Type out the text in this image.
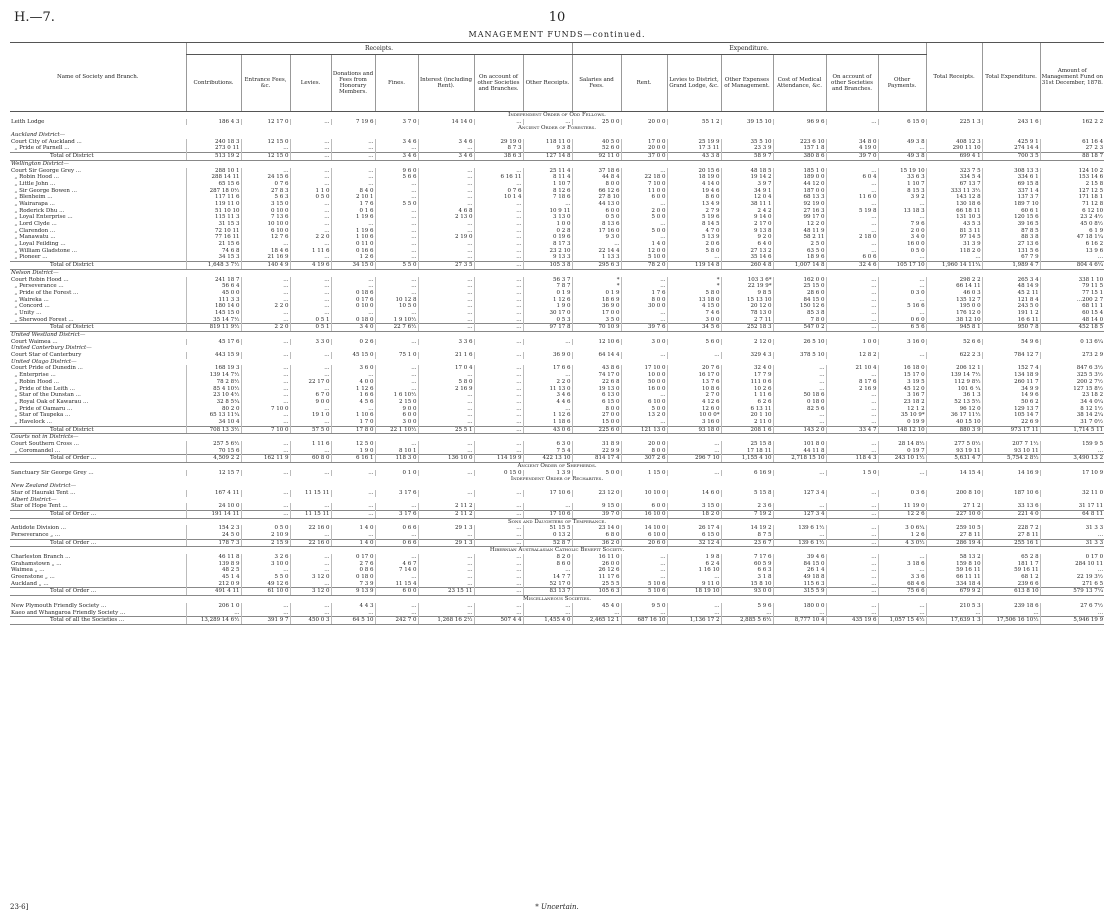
H.—7.	10
MANAGEMENT FUNDS—continued.
Name of Society and Branch.	Receipts.								Expenditure.							Total Receipts.	Total Expenditure.	Amount of Management Fund on 31st December, 1878.
	Contributions.	Entrance Fees, &c.	Levies.	Donations and Fees from Honorary Members.	Fines.	Interest (including Rent).	On account of other Societies and Branches.	Other Receipts.	Salaries and Fees.	Rent.	Levies to District, Grand Lodge, &c.	Other Expenses of Management.	Cost of Medical Attendance, &c.	On account of other Societies and Branches.	Other Payments.			
Independent Order of Odd Fellows.																		
Leith Lodge	186 4 3	12 17 0	...	7 19 6	3 7 0	14 14 0	...	...	25 0 0	20 0 0	55 1 2	39 15 10	96 9 6	...	6 15 0	225 1 3	243 1 6	162 2 2
Ancient Order of Foresters.																		
Auckland District—																		
Court City of Auckland ...	240 18 3	12 15 0	...	...	3 4 6	3 4 6	29 19 0	118 11 0	40 5 0	17 0 0	25 19 9	35 5 10	223 6 10	34 8 0	49 3 8	408 12 3	425 9 1	61 16 4
„ Pride of Parnell ...	273 0 11	...	...	...	...	...	8 7 3	9 3 8	52 6 0	20 0 0	17 3 11	23 3 9	157 1 8	4 19 0	...	290 11 10	274 14 4	27 2 3
Total of District	513 19 2	12 15 0	...	...	3 4 6	3 4 6	38 6 3	127 14 8	92 11 0	37 0 0	43 3 8	58 9 7	380 8 6	39 7 0	49 3 8	699 4 1	700 3 5	88 18 7
Wellington District—																		
Court Sir George Grey ...	288 10 1	...	...	...	9 6 0	...	...	25 11 4	37 18 6	...	20 15 6	48 18 5	185 1 0	...	15 19 10	323 7 5	308 13 3	124 10 2
„ Robin Hood ...	288 14 11	24 15 6	...	...	5 6 6	...	6 16 11	8 11 4	44 8 4	22 18 0	18 19 0	19 14 2	189 0 0	6 0 4	33 6 3	334 5 4	334 6 1	153 14 6
„ Little John ...	65 15 6	0 7 6	...	...	...	...	...	1 10 7	8 0 0	7 10 0	4 14 0	3 9 7	44 12 0	...	1 10 7	67 13 7	69 15 8	2 15 8
„ Sir George Bowen ...	287 18 0½	27 8 3	1 1 0	8 4 0	...	...	0 7 6	8 12 6	66 12 6	11 0 0	19 4 6	34 9 1	187 0 0	...	8 15 3	333 11 3½	337 1 4	127 12 5
„ Blenheim ...	117 11 6	5 6 3	0 5 0	2 10 1	...	...	10 1 4	7 18 6	27 8 10	6 0 0	8 6 0	12 0 4	68 13 3	11 6 0	3 9 2	143 12 8	137 3 7	171 18 1
„ Wairarapa ...	119 11 0	3 15 0	...	1 7 6	5 5 0	...	...	...	44 13 0	...	13 4 9	38 11 1	92 19 0	...	...	130 18 6	189 7 10	71 12 8
„ Roderick Dhu ...	51 10 10	0 10 0	...	0 1 6	...	4 6 8	...	10 9 11	6 0 0	2 0 0	2 7 9	2 4 2	27 16 3	5 19 8	13 18 3	66 18 11	60 6 1	6 12 10
„ Loyal Enterprise ...	115 11 3	7 13 6	...	1 19 6	...	2 13 0	...	3 13 0	0 5 0	5 0 0	5 19 6	9 14 0	99 17 0	...	...	131 10 3	120 15 6	23 2 4½
„ Lord Clyde ...	31 15 3	10 10 0	...	...	...	...	...	1 0 0	8 13 6	...	8 14 5	2 17 0	12 2 0	...	7 9 6	43 5 3	39 16 5	45 0 8½
„ Clarendon ...	72 10 11	6 10 0	...	1 19 6	...	...	...	0 2 8	17 16 0	5 0 0	4 7 0	9 13 8	48 11 9	...	2 0 0	81 3 11	87 8 5	6 1 9
„ Manawatu ...	77 16 11	12 7 6	2 2 0	1 10 6	...	2 19 0	...	0 19 6	9 3 0	...	5 13 9	9 2 0	58 2 11	2 18 0	3 4 0	97 14 5	88 3 8	47 18 1¼
„ Loyal Feilding ...	21 15 6	...	...	0 11 0	...	...	...	8 17 3	...	1 4 0	2 0 6	6 4 0	2 5 0	...	16 0 0	31 3 9	27 13 6	6 16 2
„ William Gladstone ...	74 6 8	18 4 6	1 11 6	0 16 6	...	...	...	23 2 10	22 14 4	12 0 0	5 8 0	27 13 2	63 5 0	...	0 5 0	118 2 0	131 5 6	13 9 6
„ Pioneer ...	34 15 3	21 16 9	...	1 2 6	...	...	...	9 13 3	1 13 3	5 10 0	...	35 14 6	18 9 6	6 0 6	...	...	67 7 9	...
Total of District	1,648 3 7½	140 4 9	4 19 6	34 15 0	5 5 0	27 3 5	...	105 3 8	295 6 3	78 2 0	119 14 8	260 4 8	1,007 14 8	32 4 6	105 17 10	1,960 14 11¼	1,989 4 7	804 4 6¼
Nelson District—																		
Court Robin Hood ...	241 18 7	...	...	...	...	...	...	56 3 7	*	...	*	103 3 6*	162 0 0	...	...	298 2 2	265 3 4	338 1 10
„ Perseverance ...	56 6 4	...	...	...	...	...	...	7 8 7	*	...	*	22 19 9*	25 15 0	...	...	66 14 11	48 14 9	79 11 5
„ Pride of the Forest ...	45 0 0	...	...	0 18 6	...	...	...	0 1 9	0 1 9	1 7 6	5 8 0	9 8 5	28 6 0	...	0 3 0	46 0 3	45 2 11	77 15 1
„ Waireka ...	111 3 3	...	...	0 17 6	10 12 8	...	...	1 12 6	18 6 9	8 0 0	13 18 0	15 13 10	84 15 0	...	...	135 12 7	121 8 4	...200 2 7
„ Concord ...	180 14 0	2 2 0	...	0 10 0	10 5 0	...	...	1 9 0	36 9 0	30 0 0	4 15 0	20 12 0	150 12 6	...	5 16 6	195 0 0	243 5 0	68 11 1
„ Unity ...	145 15 0	...	...	...	...	...	...	30 17 0	17 0 0	...	7 4 6	78 13 0	85 3 8	...	...	176 12 0	191 1 2	60 15 4
„ Sherwood Forest ...	35 14 7½	...	0 5 1	0 18 0	1 9 10½	...	...	0 5 3	3 5 0	...	3 0 0	2 7 11	7 8 0	...	0 6 0	38 12 10	16 6 11	48 14 0
Total of District	819 11 9½	2 2 0	0 5 1	3 4 0	22 7 6½	...	...	97 17 8	70 10 9	39 7 6	34 5 6	252 18 3	547 0 2	...	6 5 6	945 8 1	950 7 8	452 18 5
United Westland District—																		
Court Waimea ...	45 17 6	...	3 3 0	0 2 6	...	3 3 6	...	...	12 10 6	3 0 0	5 6 0	2 12 0	26 5 10	1 0 0	3 16 0	52 6 6	54 9 6	0 13 6¼
United Canterbury District—																		
Court Star of Canterbury	443 15 9	...	...	45 15 0	75 1 0	21 1 6	...	36 9 0	64 14 4	...	...	329 4 3	378 5 10	12 8 2	...	622 2 3	784 12 7	273 2 9
United Otago District—																		
Court Pride of Dunedin ...	168 19 3	...	...	3 6 0	...	17 0 4	...	17 6 6	43 8 6	17 10 0	20 7 6	32 4 0	...	21 10 4	16 18 0	206 12 1	152 7 4	847 6 3½
„ Enterprise ...	139 14 7½	...	...	...	...	...	...	...	74 17 0	10 0 0	16 17 0	17 7 9	...	...	15 17 0	139 14 7½	134 18 9	325 5 3½
„ Robin Hood ...	78 2 8½	...	22 17 0	4 0 0	...	5 8 0	...	2 2 0	22 6 8	50 0 0	13 7 6	111 0 6	...	8 17 6	3 19 5	112 9 8½	260 11 7	200 2 7½
„ Pride of the Leith ...	85 4 10½	...	...	1 12 6	...	2 16 9	...	11 13 0	19 13 0	16 0 0	10 8 6	10 2 6	...	2 16 9	45 12 0	101 6 ¼	34 9 9	127 15 8½
„ Star of the Dunstan ...	23 10 4½	...	6 7 0	1 6 6	1 6 10½	...	...	3 4 6	6 13 0	...	2 7 0	1 11 6	50 18 6	...	3 16 7	36 1 3	14 9 6	23 18 2
„ Royal Oak of Kawarau ...	32 8 5¼	...	9 0 0	4 5 6	2 15 0	...	...	4 4 6	6 15 0	6 10 0	4 12 6	6 2 6	0 18 0	...	23 18 2	52 13 5½	50 6 2	34 4 0¼
„ Pride of Oamaru ...	80 2 0	7 10 0	...	...	9 0 0	...	...	...	8 0 0	5 0 0	12 6 0	6 13 11	82 5 6	...	12 1 2	96 12 0	129 13 7	8 12 1½
„ Star of Taupeka ...	65 13 11¼	...	19 1 0	1 10 6	6 0 0	...	...	1 12 6	27 0 0	13 2 0	10 0 0*	20 1 10	...	...	35 10 9*	36 17 11½	105 14 7	38 14 2¼
„ Havelock ...	34 10 4	...	...	1 7 0	3 0 0	...	...	1 18 6	15 0 0	...	3 16 0	2 11 0	...	...	0 19 9	40 15 10	22 6 9	31 7 0½
Total of District	708 13 3½	7 10 0	57 5 0	17 8 0	22 1 10½	25 5 1	...	43 0 6	225 6 0	121 13 0	93 18 0	208 1 6	143 2 0	33 4 7	148 12 10	880 3 9	973 17 11	1,714 5 11
Courts not in Districts—																		
Court Southern Cross ...	257 5 6½	...	1 11 6	12 5 0	...	...	...	6 3 0	31 8 9	20 0 0	...	25 15 8	101 8 0	...	28 14 8½	277 5 0½	207 7 1½	159 9 5
„ Coromandel ...	70 15 6	...	...	1 9 0	8 10 1	...	...	7 5 4	22 9 9	8 0 0	...	17 18 11	44 11 8	...	0 19 7	93 19 11	93 10 11	...
Total of Order ...	4,509 2 2	162 11 9	60 8 0	6 16 1	118 3 0	136 10 0	114 19 9	422 13 10	814 17 4	307 2 6	296 7 10	1,155 4 10	2,718 15 10	118 4 3	243 10 1½	5,631 4 7	5,754 2 8½	3,490 13 2
Ancient Order of Shepherds.																		
Sanctuary Sir George Grey ...	12 15 7	...	...	...	0 1 0	...	0 15 0	1 3 9	5 0 0	1 15 0	...	6 16 9	...	1 5 0	...	14 15 4	14 16 9	17 10 9
Independent Order of Rechabites.																		
New Zealand District—																		
Star of Hauraki Tent ...	167 4 11	...	11 15 11	...	3 17 6	...	...	17 10 6	23 12 0	10 10 0	14 6 0	5 15 8	127 3 4	...	0 3 6	200 8 10	187 10 6	32 11 0
Albert District—																		
Star of Hope Tent ...	24 10 0	...	...	...	...	2 11 2	...	...	9 15 0	6 0 0	3 15 0	2 3 6	...	...	11 19 0	27 1 2	33 13 6	31 17 11
Total of Order ...	191 14 11	...	11 15 11	...	3 17 6	2 11 2	...	17 10 6	39 7 0	16 10 0	18 2 0	7 19 2	127 3 4	...	12 2 6	227 10 0	221 4 0	64 8 11
Sons and Daughters of Temperance.																		
Antidote Division ...	154 2 3	0 5 0	22 16 0	1 4 0	0 6 6	29 1 3	...	51 15 5	23 14 0	14 10 0	26 17 4	14 19 2	139 6 1½	...	3 0 6¼	259 10 5	228 7 2	31 3 3
Perseverance „ ...	24 5 0	2 10 9	...	...	...	...	...	0 13 2	6 8 0	6 10 0	6 15 0	8 7 5	...	...	1 2 6	27 8 11	27 8 11	...
Total of Order ...	178 7 3	2 15 9	22 16 0	1 4 0	0 6 6	29 1 3	...	52 8 7	36 2 0	20 6 0	32 12 4	23 6 7	139 6 1½	...	4 3 0½	286 19 4	255 16 1	31 3 3
Hibernian Australasian Catholic Benefit Society.																		
Charleston Branch ...	46 11 8	3 2 6	...	0 17 0	...	...	...	8 2 0	16 11 0	...	1 9 8	7 17 6	39 4 6	...	...	58 13 2	65 2 8	0 17 0
Grahamstown „ ...	139 8 9	3 10 0	...	2 7 6	4 6 7	...	...	8 6 0	26 0 0	...	6 2 4	60 5 9	84 15 0	...	3 18 6	159 8 10	181 1 7	284 10 11
Waimea „ ...	48 2 5	...	...	0 8 6	7 14 0	...	...	...	26 12 6	...	1 16 10	6 6 3	26 1 4	...	...	59 16 11	59 16 11	...
Greenstone „ ...	45 1 4	5 5 0	3 12 0	0 18 0	...	...	...	14 7 7	11 17 6	...	...	3 1 8	49 18 8	...	3 3 6	66 11 11	68 1 2	22 19 3½
Auckland „ ...	212 0 9	49 12 6	...	7 3 9	11 15 4	...	...	52 17 0	25 5 5	5 10 6	9 11 0	15 8 10	115 6 3	...	68 4 6	334 18 4	239 6 6	271 6 5
Total of Order ...	491 4 11	61 10 0	3 12 0	9 13 9	6 0 0	23 15 11	...	83 13 7	105 6 3	5 10 6	18 19 10	93 0 0	315 5 9	...	75 6 6	679 9 2	613 8 10	579 13 7¼
Miscellaneous Societies.																		
New Plymouth Friendly Society ...	206 1 0	...	...	4 4 3	...	...	...	...	45 4 0	9 5 0	...	5 9 6	180 0 0	...	...	210 5 3	239 18 6	27 6 7½
Kaeo and Whangaroa Friendly Society ...	...	...	...	...	...	...	...	...	...	...	...	...	...	...	...	...	...	...
Total of all the Societies ...	13,289 14 6½	391 9 7	450 0 3	64 5 10	242 7 0	1,268 16 2½	507 4 4	1,455 4 0	2,465 12 1	687 16 10	1,136 17 2	2,885 5 6½	8,777 10 4	435 19 6	1,057 15 4½	17,639 1 3	17,506 16 10½	5,946 19 9
23·6]	* Uncertain.
